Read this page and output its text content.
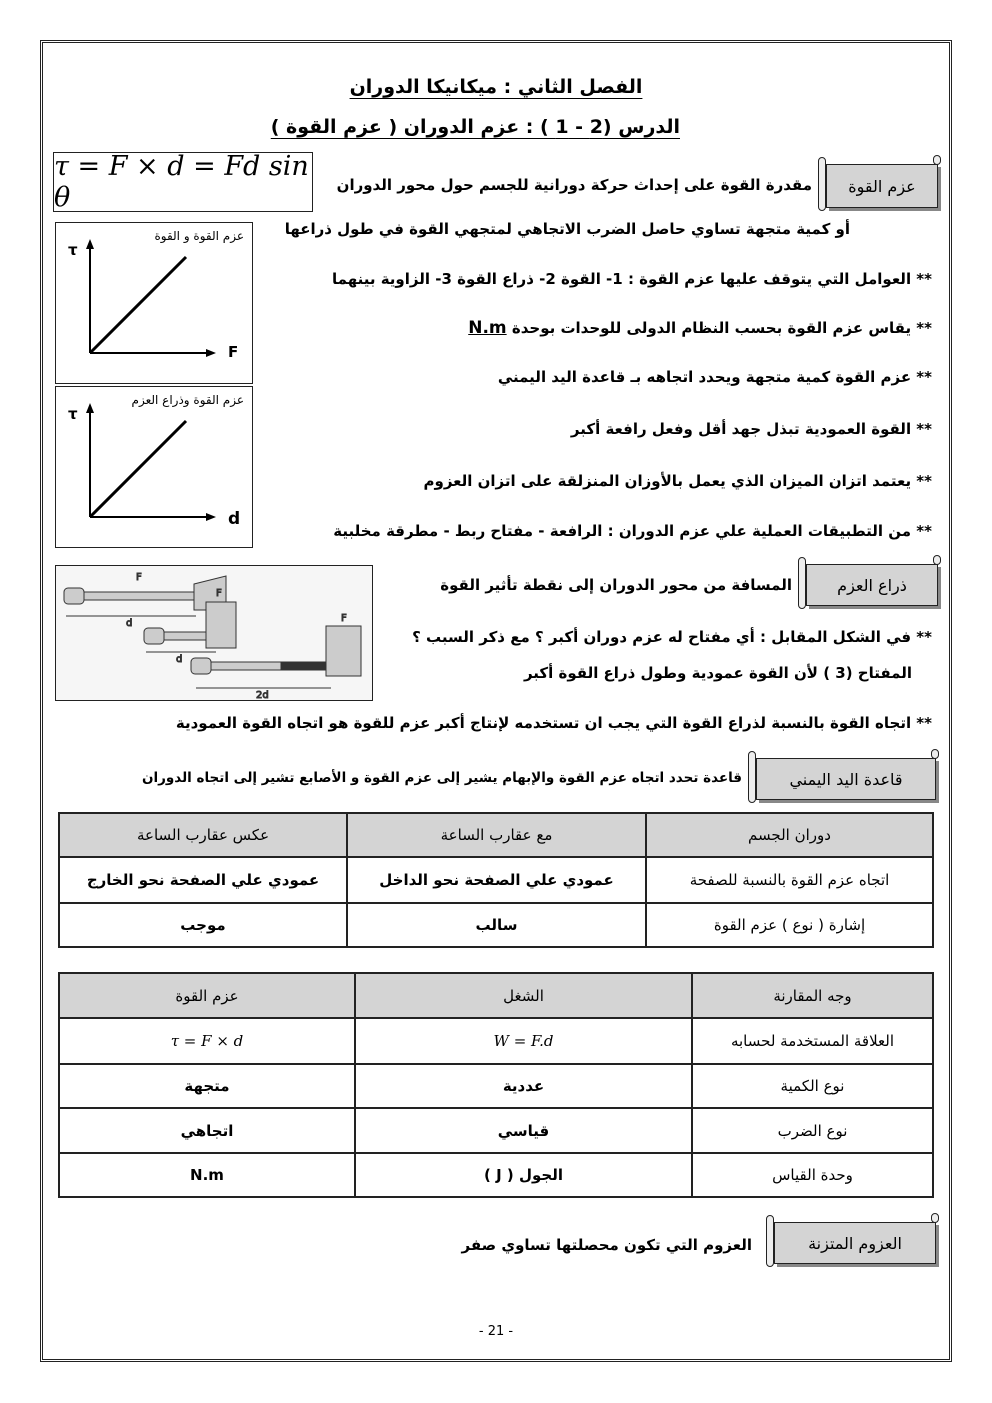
الفصل الثاني : ميكانيكا الدوران
الدرس (2 - 1 ) : عزم الدوران ( عزم القوة )
τ = F × d = Fd sin θ	عزم القوة
مقدرة القوة على إحداث حركة دورانية للجسم حول محور الدوران
أو كمية متجهة تساوي حاصل الضرب الاتجاهي لمتجهي القوة في طول ذراعها
عزم القوة و القوة
τ
F
عزم القوة وذراع العزم
τ
d
** العوامل التي يتوقف عليها عزم القوة : 1- القوة 2- ذراع القوة 3- الزاوية بينهما
** يقاس عزم القوة بحسب النظام الدولى للوحدات بوحدة N.m
** عزم القوة كمية متجهة ويحدد اتجاهه بـ قاعدة اليد اليمني
** القوة العمودية تبذل جهد أقل وفعل رافعة أكبر
** يعتمد اتزان الميزان الذي يعمل بالأوزان المنزلقة على اتزان العزوم
** من التطبيقات العملية علي عزم الدوران : الرافعة - مفتاح ربط - مطرقة مخلبية
d
d
2d
F
F
F
ذراع العزم
المسافة من محور الدوران إلى نقطة تأثير القوة
** في الشكل المقابل : أي مفتاح له عزم دوران أكبر ؟ مع ذكر السبب ؟
المفتاح (3 ) لأن القوة عمودية وطول ذراع القوة أكبر
** اتجاه القوة بالنسبة لذراع القوة التي يجب ان تستخدمه لإنتاج أكبر عزم للقوة هو اتجاه القوة العمودية
قاعدة اليد اليمني
قاعدة تحدد اتجاه عزم القوة والإبهام يشير إلى عزم القوة و الأصابع تشير إلى اتجاه الدوران
دوران الجسم	مع عقارب الساعة	عكس عقارب الساعة
اتجاه عزم القوة بالنسبة للصفحة	عمودي علي الصفحة نحو الداخل	عمودي علي الصفحة نحو الخارج
إشارة ( نوع ) عزم القوة	سالب	موجب
وجه المقارنة	الشغل	عزم القوة
العلاقة المستخدمة لحسابه	W = F.d	τ = F × d
نوع الكمية	عددية	متجهة
نوع الضرب	قياسي	اتجاهي
وحدة القياس	الجول ( J )	N.m
العزوم المتزنة
العزوم التي تكون محصلتها تساوي صفر
- 21 -
